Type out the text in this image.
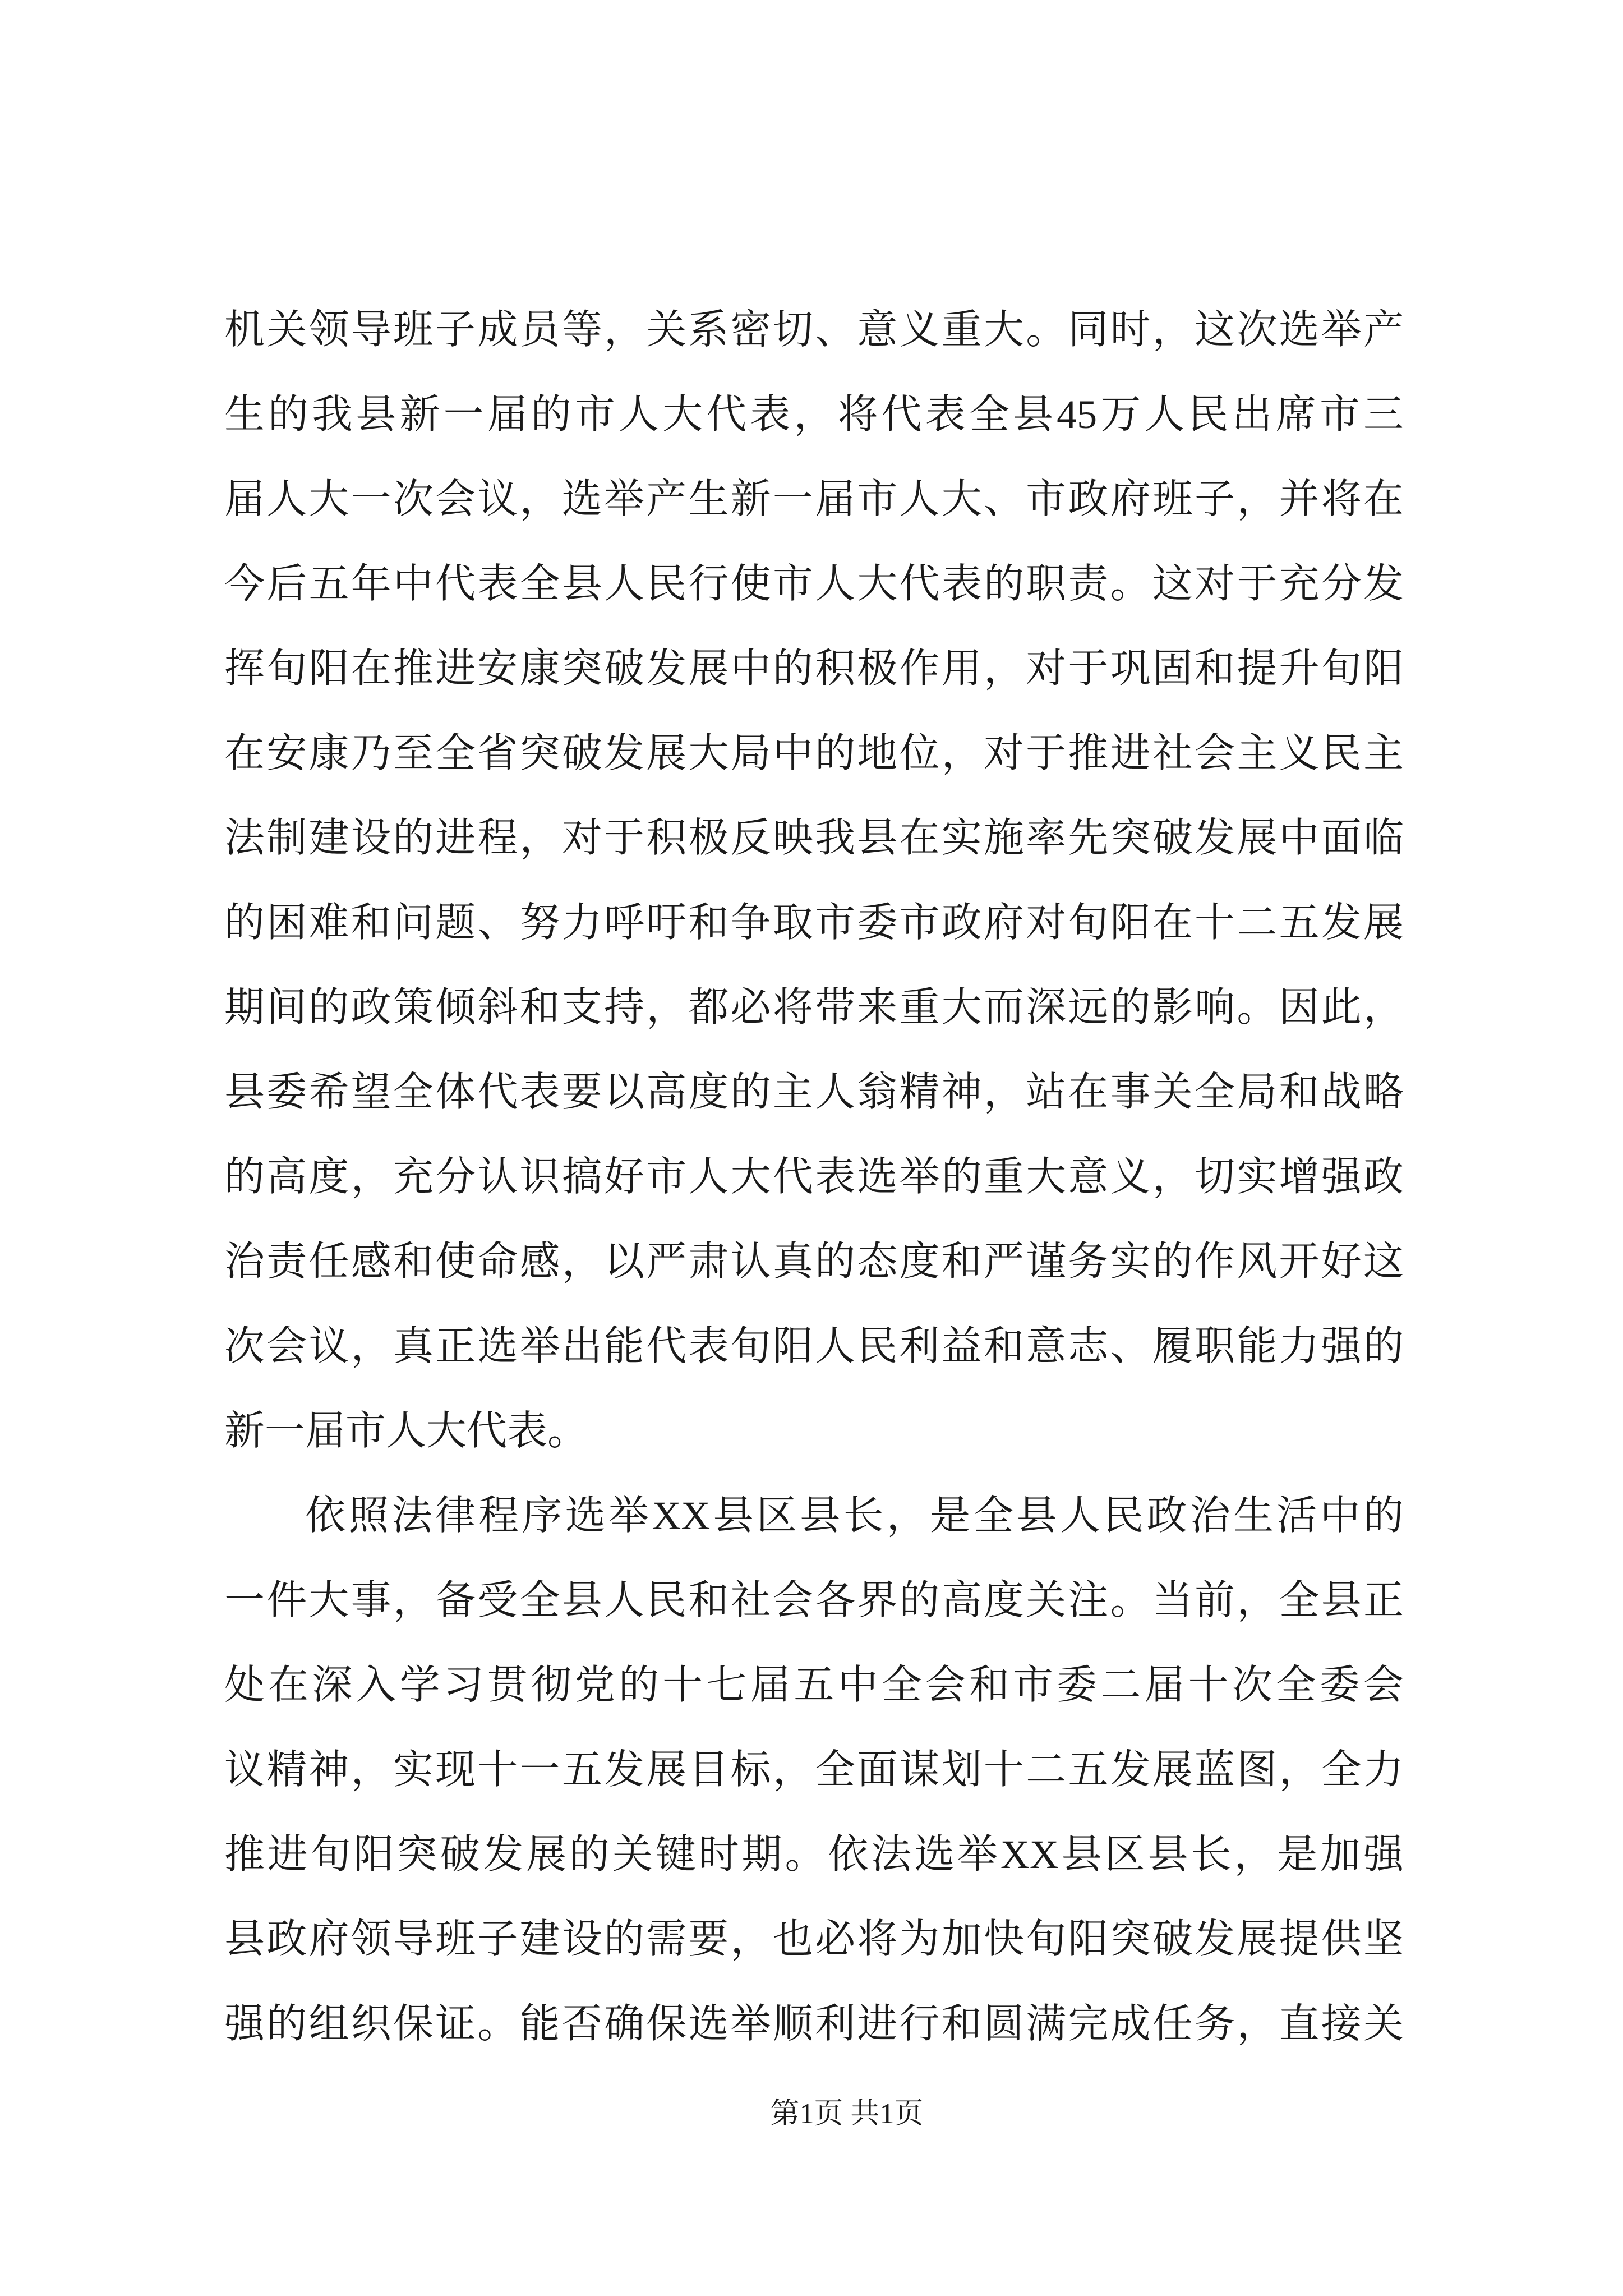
机关领导班子成员等，关系密切、意义重大。同时，这次选举产
生的我县新一届的市人大代表，将代表全县45万人民出席市三
届人大一次会议，选举产生新一届市人大、市政府班子，并将在
今后五年中代表全县人民行使市人大代表的职责。这对于充分发
挥旬阳在推进安康突破发展中的积极作用，对于巩固和提升旬阳
在安康乃至全省突破发展大局中的地位，对于推进社会主义民主
法制建设的进程，对于积极反映我县在实施率先突破发展中面临
的困难和问题、努力呼吁和争取市委市政府对旬阳在十二五发展
期间的政策倾斜和支持，都必将带来重大而深远的影响。因此，
县委希望全体代表要以高度的主人翁精神，站在事关全局和战略
的高度，充分认识搞好市人大代表选举的重大意义，切实增强政
治责任感和使命感，以严肃认真的态度和严谨务实的作风开好这
次会议，真正选举出能代表旬阳人民利益和意志、履职能力强的
新一届市人大代表。
依照法律程序选举XX县区县长，是全县人民政治生活中的
一件大事，备受全县人民和社会各界的高度关注。当前，全县正
处在深入学习贯彻党的十七届五中全会和市委二届十次全委会
议精神，实现十一五发展目标，全面谋划十二五发展蓝图，全力
推进旬阳突破发展的关键时期。依法选举XX县区县长，是加强
县政府领导班子建设的需要，也必将为加快旬阳突破发展提供坚
强的组织保证。能否确保选举顺利进行和圆满完成任务，直接关
第1页 共1页
